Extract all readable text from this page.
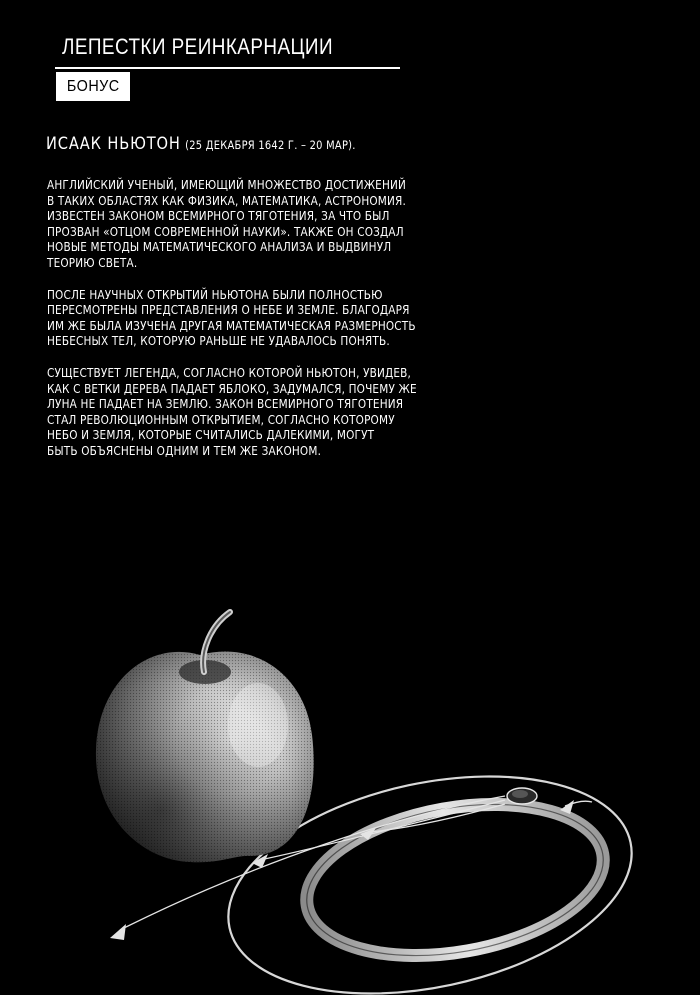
ЛЕПЕСТКИ РЕИНКАРНАЦИИ
БОНУС
ИСААК НЬЮТОН (25 ДЕКАБРЯ 1642 Г. – 20 МАР).

АНГЛИЙСКИЙ УЧЕНЫЙ, ИМЕЮЩИЙ МНОЖЕСТВО ДОСТИЖЕНИЙ
В ТАКИХ ОБЛАСТЯХ КАК ФИЗИКА, МАТЕМАТИКА, АСТРОНОМИЯ.
ИЗВЕСТЕН ЗАКОНОМ ВСЕМИРНОГО ТЯГОТЕНИЯ, ЗА ЧТО БЫЛ
ПРОЗВАН «ОТЦОМ СОВРЕМЕННОЙ НАУКИ». ТАКЖЕ ОН СОЗДАЛ
НОВЫЕ МЕТОДЫ МАТЕМАТИЧЕСКОГО АНАЛИЗА И ВЫДВИНУЛ
ТЕОРИЮ СВЕТА.

ПОСЛЕ НАУЧНЫХ ОТКРЫТИЙ НЬЮТОНА БЫЛИ ПОЛНОСТЬЮ
ПЕРЕСМОТРЕНЫ ПРЕДСТАВЛЕНИЯ О НЕБЕ И ЗЕМЛЕ. БЛАГОДАРЯ
ИМ ЖЕ БЫЛА ИЗУЧЕНА ДРУГАЯ МАТЕМАТИЧЕСКАЯ РАЗМЕРНОСТЬ
НЕБЕСНЫХ ТЕЛ, КОТОРУЮ РАНЬШЕ НЕ УДАВАЛОСЬ ПОНЯТЬ.

СУЩЕСТВУЕТ ЛЕГЕНДА, СОГЛАСНО КОТОРОЙ НЬЮТОН, УВИДЕВ,
КАК С ВЕТКИ ДЕРЕВА ПАДАЕТ ЯБЛОКО, ЗАДУМАЛСЯ, ПОЧЕМУ ЖЕ
ЛУНА НЕ ПАДАЕТ НА ЗЕМЛЮ. ЗАКОН ВСЕМИРНОГО ТЯГОТЕНИЯ
СТАЛ РЕВОЛЮЦИОННЫМ ОТКРЫТИЕМ, СОГЛАСНО КОТОРОМУ
НЕБО И ЗЕМЛЯ, КОТОРЫЕ СЧИТАЛИСЬ ДАЛЕКИМИ, МОГУТ
БЫТЬ ОБЪЯСНЕНЫ ОДНИМ И ТЕМ ЖЕ ЗАКОНОМ.
